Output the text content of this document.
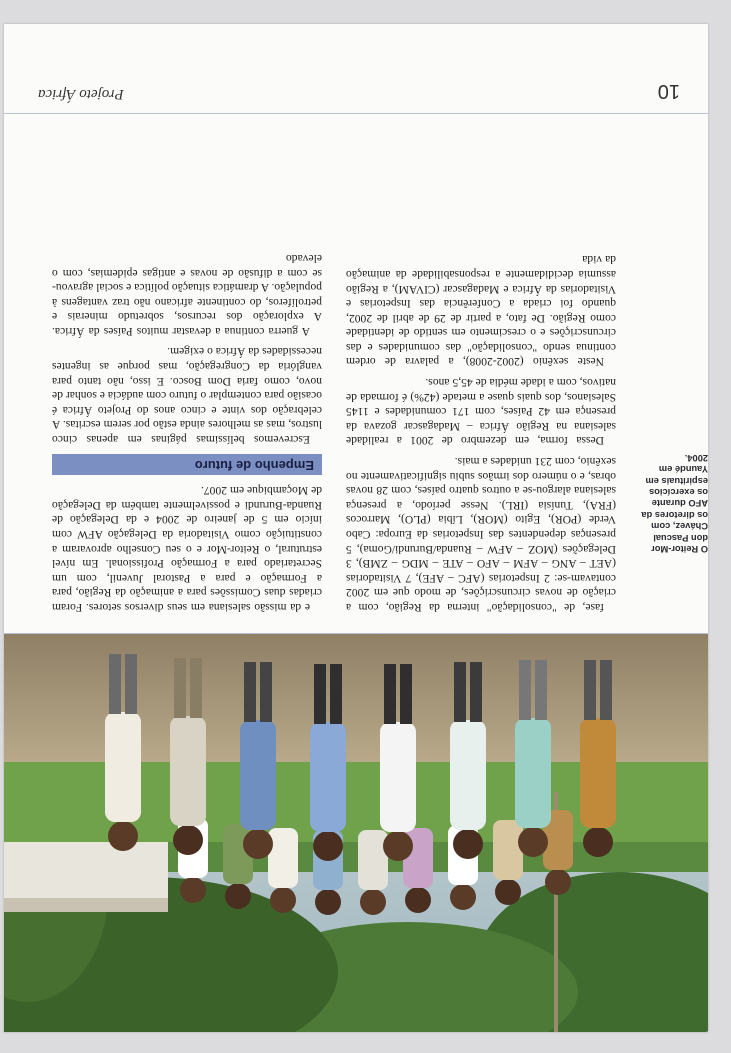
O Reitor-Mor don Pascual Chávez, com os diretores da AFO durante os exercícios espirituais em Yaundé em 2004.

fase, de "consolidação" interna da Região, com a criação de novas circunscrições, de modo que em 2002 contavam-se: 2 Inspetorias (AFC – AFE), 7 Visitadorias (AET – ANG – AFM – AFO – ATE – MDG – ZMB), 3 Delegações (MOZ – AFW – Ruanda/Burundi/Goma), 5 presenças dependentes das Inspetorias da Europa: Cabo Verde (POR), Egito (MOR), Líbia (PLO), Marrocos (FRA), Tunísia (IRL). Nesse período, a presença salesiana alargou-se a outros quatro países, com 28 novas obras, e o número dos irmãos subiu significativamente no sexênio, com 231 unidades a mais.

Dessa forma, em dezembro de 2001 a realidade salesiana na Região África – Madagascar gozava da presença em 42 Países, com 171 comunidades e 1145 Salesianos, dos quais quase a metade (42%) é formada de nativos, com a idade média de 45,5 anos.

Neste sexênio (2002-2008), a palavra de ordem continua sendo "consolidação" das comunidades e das circunscrições e o crescimento em sentido de identidade como Região. De fato, a partir de 29 de abril de 2002, quando foi criada a Conferência das Inspetorias e Visitadorias da África e Madagascar (CIVAM), a Região assumia decididamente a responsabilidade da animação da vida

e da missão salesiana em seus diversos setores. Foram criadas duas Comissões para a animação da Região, para a Formação e para a Pastoral Juvenil, com um Secretariado para a Formação Profissional. Em nível estrutural, o Reitor-Mor e o seu Conselho aprovaram a constituição como Visitadoria da Delegação AFW com início em 5 de janeiro de 2004 e da Delegação de Ruanda-Burundi e possivelmente também da Delegação de Moçambique em 2007.

Empenho de futuro

Escrevemos belíssimas páginas em apenas cinco lustros, mas as melhores ainda estão por serem escritas. A celebração dos vinte e cinco anos do Projeto África é ocasião para contemplar o futuro com audácia e sonhar de novo, como faria Dom Bosco. E isso, não tanto para vanglória da Congregação, mas porque as ingentes necessidades da África o exigem.

A guerra continua a devastar muitos Países da África. A exploração dos recursos, sobretudo minerais e petrolíferos, do continente africano não traz vantagens à população. A dramática situação política e social agravou-se com a difusão de novas e antigas epidemias, com o elevado

10
Projeto África
